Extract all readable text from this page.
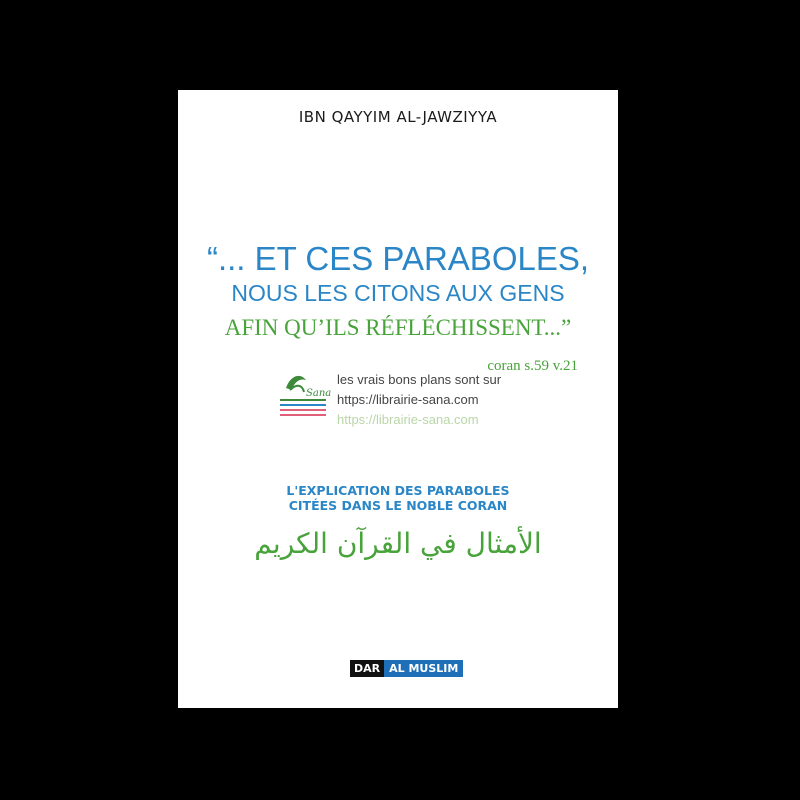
IBN QAYYIM AL-JAWZIYYA
“... ET CES PARABOLES,
NOUS LES CITONS AUX GENS
AFIN QU’ILS RÉFLÉCHISSENT...”
coran s.59 v.21
Sana
les vrais bons plans sont sur
https://librairie-sana.com
https://librairie-sana.com
L'EXPLICATION DES PARABOLES
CITÉES DANS LE NOBLE CORAN
الأمثال في القرآن الكريم
DAR AL MUSLIM
